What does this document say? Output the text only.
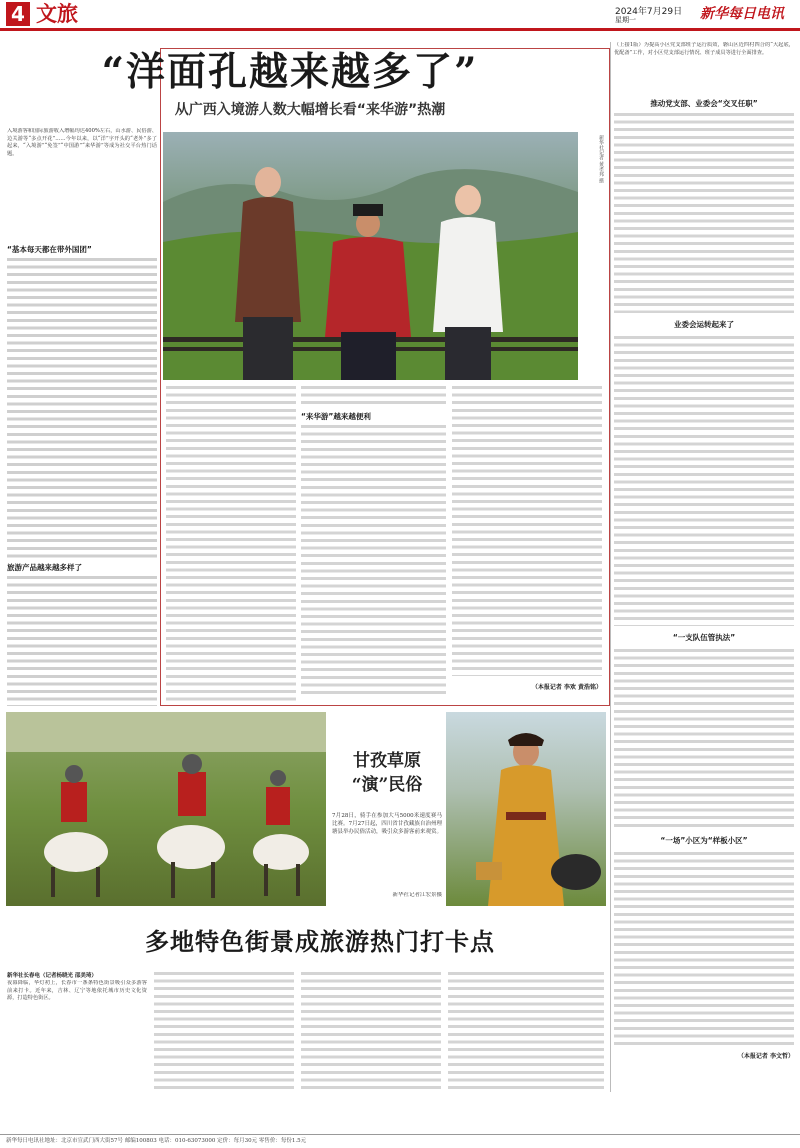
4 文旅	2024年7月29日
星期一	新华每日电讯
“洋面孔越来越多了”
从广西入境游人数大幅增长看“来华游”热潮
新华社记者 黄孝邦 摄
入境游客和国际旅游收入增幅均达400%左右，山水游、民俗游、边关游等“多点开花”……今年以来，以“洋”字开头的“老外”多了起来，“入境游”“免签”“中国游”“来华游”等成为社交平台热门话题。
“基本每天都在带外国团”
旅游产品越来越多样了
“来华游”越来越便利
（本报记者 李欢 黄浩铭）
（上接1版）为提高小区党支部班子运行质效，磐山区近四村四合的“大起底，优配备”工作，对小区党支部运行情况、班子成员等进行全面排查。
推动党支部、业委会“交叉任职”
业委会运转起来了
“一支队伍管执法”
“一场”小区为“样板小区”
（本报记者 李文哲）
甘孜草原
“演”民俗
7月28日，骑手在参加大马5000米速度赛马比赛。7月27日起，四川省甘孜藏族自治州理塘县举办民俗活动，吸引众多游客前来观赏。
新华社记者江宏景摄
多地特色街景成旅游热门打卡点
新华社长春电（记者杨晓光 邵美琦）
夜幕降临，华灯初上，长春市一条条特色街景吸引众多游客前来打卡。近年来，吉林、辽宁等地依托城市历史文化资源，打造特色街区。
新华每日电讯社地址：北京市宣武门西大街57号 邮编100803 电话：010-63073000 定价：每月30元 零售价：每份1.5元
